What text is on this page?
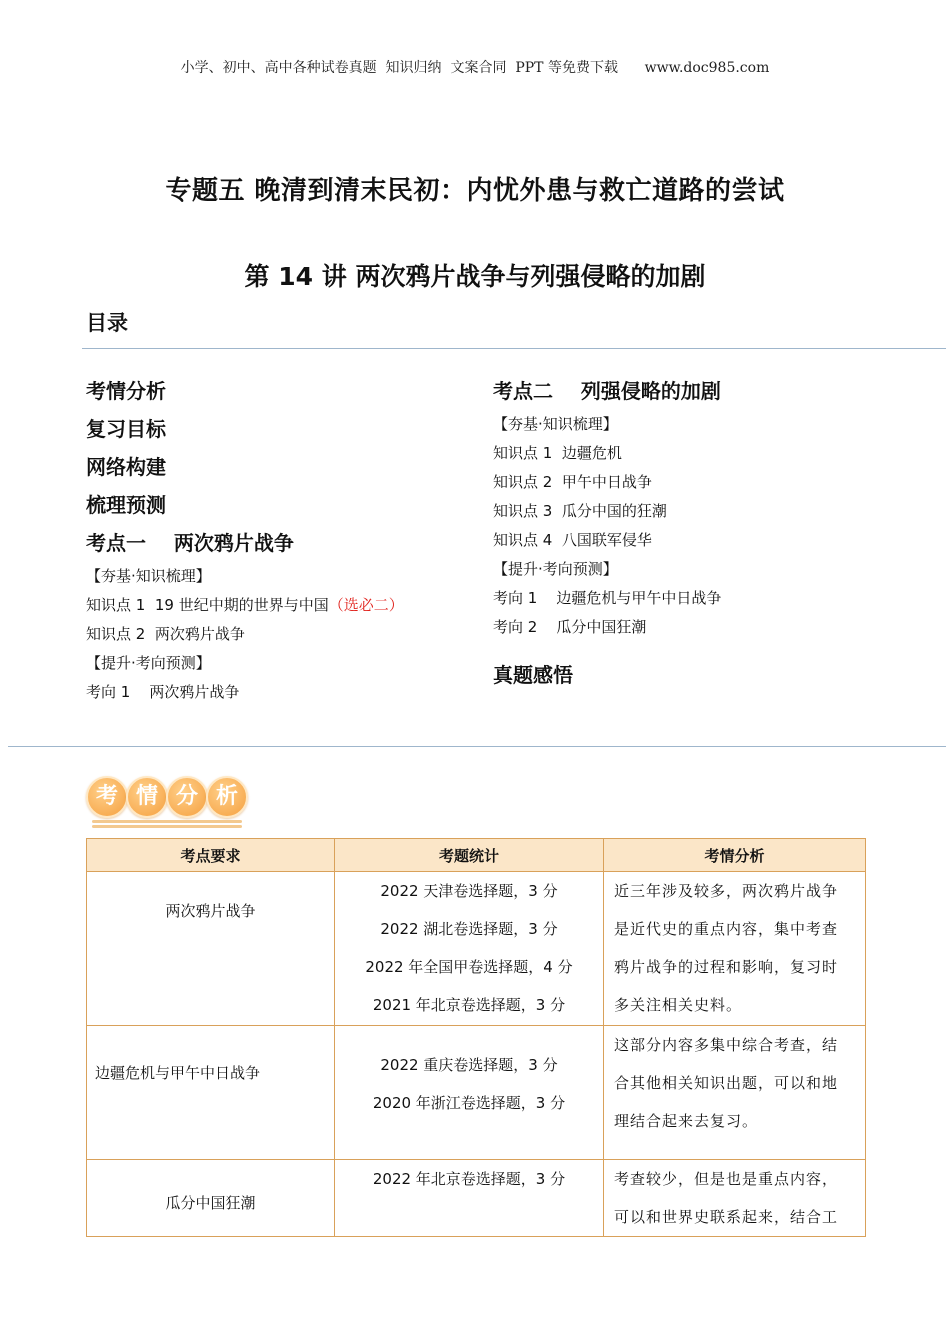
小学、初中、高中各种试卷真题  知识归纳  文案合同  PPT 等免费下载      www.doc985.com
专题五 晚清到清末民初：内忧外患与救亡道路的尝试
第 14 讲 两次鸦片战争与列强侵略的加剧
目录
考情分析
复习目标
网络构建
梳理预测
考点一    两次鸦片战争
【夯基·知识梳理】
知识点 1  19 世纪中期的世界与中国（选必二）
知识点 2  两次鸦片战争
【提升·考向预测】
考向 1    两次鸦片战争
考点二    列强侵略的加剧
【夯基·知识梳理】
知识点 1  边疆危机
知识点 2  甲午中日战争
知识点 3  瓜分中国的狂潮
知识点 4  八国联军侵华
【提升·考向预测】
考向 1    边疆危机与甲午中日战争
考向 2    瓜分中国狂潮
真题感悟
考 情 分 析
考点要求	考题统计	考情分析

两次鸦片战争	2022 天津卷选择题，3 分
2022 湖北卷选择题，3 分
2022 年全国甲卷选择题，4 分
2021 年北京卷选择题，3 分	近三年涉及较多，两次鸦片战争
是近代史的重点内容，集中考查
鸦片战争的过程和影响，复习时
多关注相关史料。

边疆危机与甲午中日战争	2022 重庆卷选择题，3 分
2020 年浙江卷选择题，3 分	这部分内容多集中综合考查，结
合其他相关知识出题，可以和地
理结合起来去复习。

瓜分中国狂潮	2022 年北京卷选择题，3 分	考查较少，但是也是重点内容，
可以和世界史联系起来，结合工
